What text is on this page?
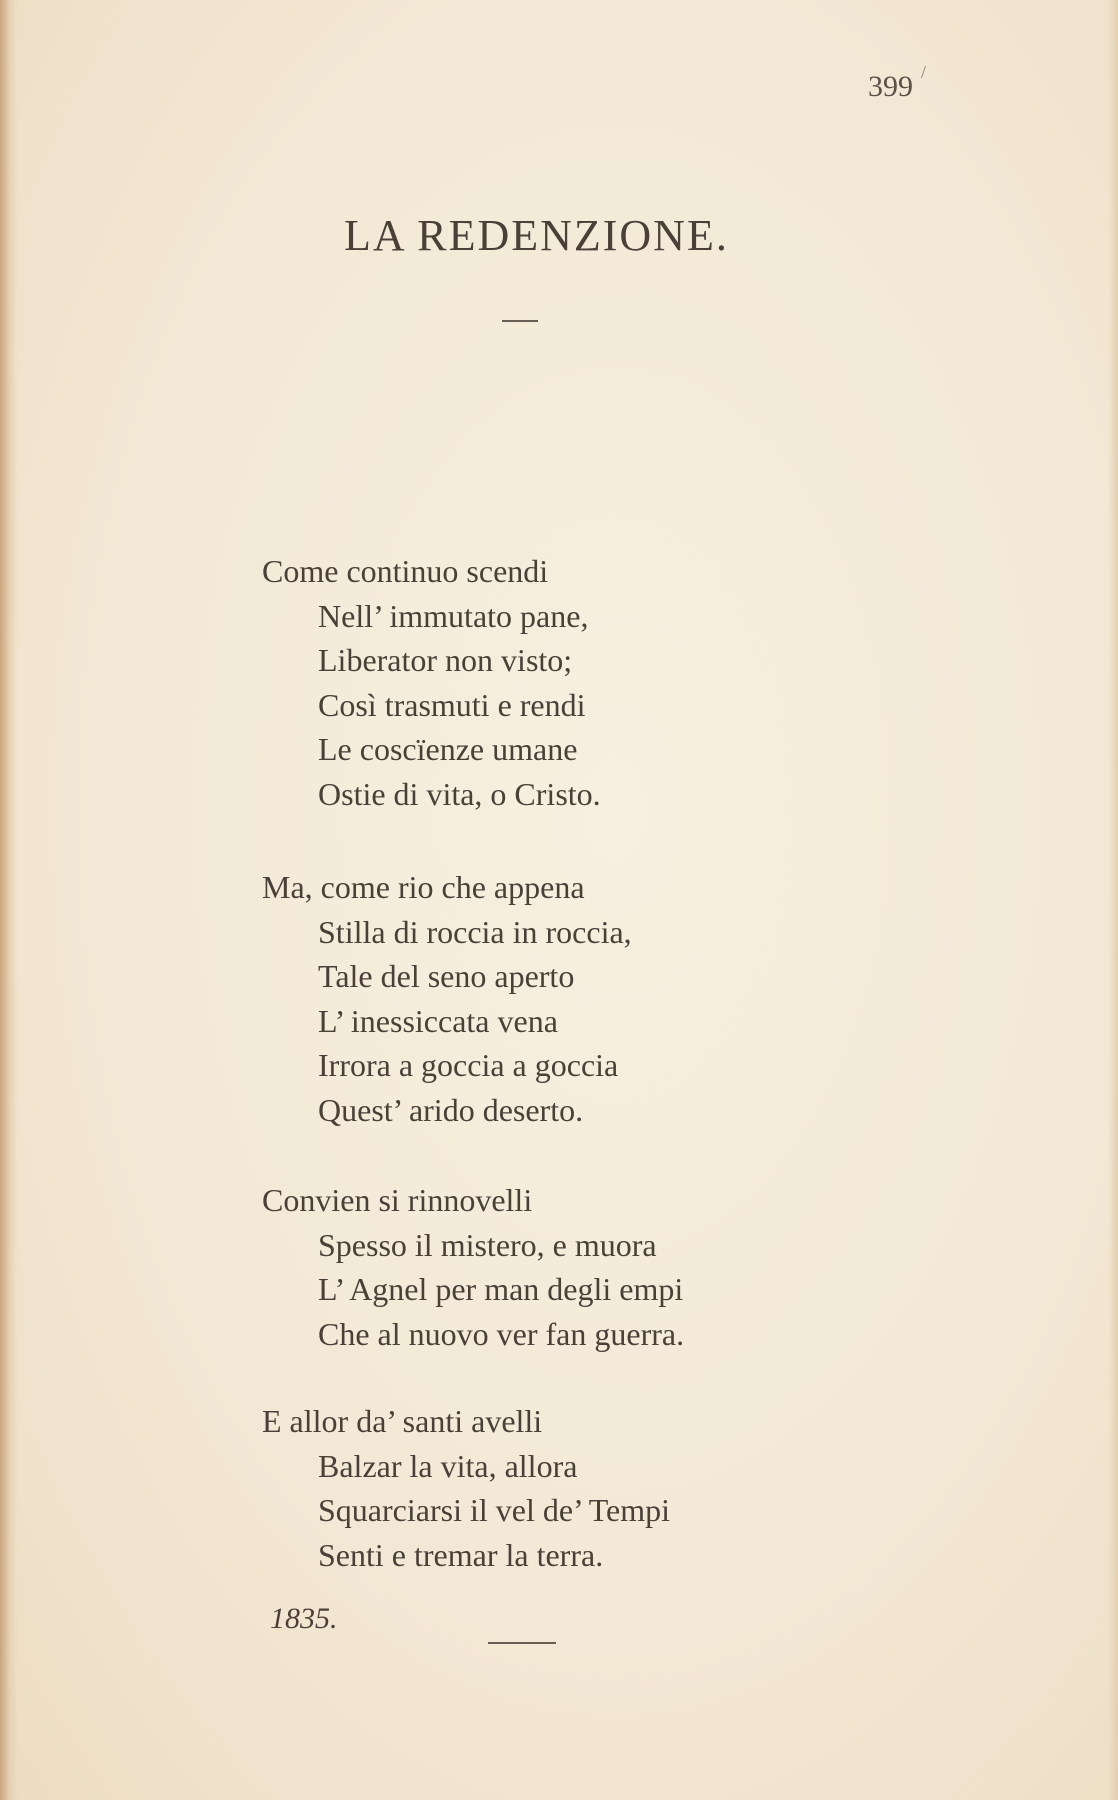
399 /
LA REDENZIONE.
Come continuo scendi
Nell’ immutato pane,
Liberator non visto;
Così trasmuti e rendi
Le coscïenze umane
Ostie di vita, o Cristo.
Ma, come rio che appena
Stilla di roccia in roccia,
Tale del seno aperto
L’ inessiccata vena
Irrora a goccia a goccia
Quest’ arido deserto.
Convien si rinnovelli
Spesso il mistero, e muora
L’ Agnel per man degli empi
Che al nuovo ver fan guerra.
E allor da’ santi avelli
Balzar la vita, allora
Squarciarsi il vel de’ Tempi
Senti e tremar la terra.
1835.
